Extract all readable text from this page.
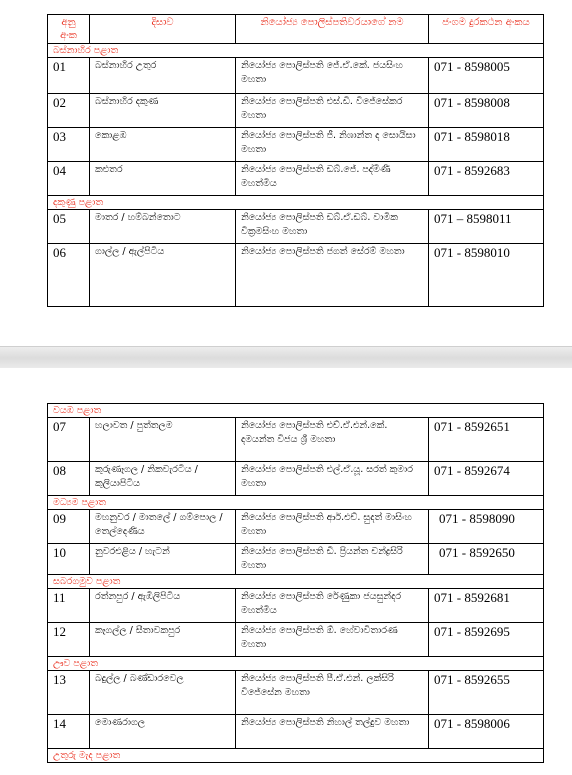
අනු අංක	දිසාව	නියෝජ්‍ය පොලිස්පතිවරයාගේ නම	ජංගම දුරකථන අංකය
බස්නාහිර පළාත			
01	බස්නාහිර උතුර	නියෝජ්‍ය පොලිස්පති ජේ.ඒ.කේ. ජයසිංහ මහතා	071 - 8598005
02	බස්නාහිර දකුණ	නියෝජ්‍ය පොලිස්පති එස්.ඩී. විජේසේකර මහතා	071 - 8598008
03	කොළඹ	නියෝජ්‍ය පොලිස්පති ජී. නිශාන්ත ද සොයිසා මහතා	071 - 8598018
04	කළුතර	නියෝජ්‍ය පොලිස්පති ඩබ්.ජේ. පද්මිණී මහත්මිය	071 - 8592683
දකුණු පළාත			
05	මාතර / හම්බන්තොට	නියෝජ්‍ය පොලිස්පති ඩබ්.ඒ.ඩබ්. වාමික වික්‍රමසිංහ මහතා	071 – 8598011
06	ගාල්ල / ඇල්පිටිය	නියෝජ්‍ය පොලිස්පති ජගත් සේරම් මහතා	071 - 8598010
වයඹ පළාත			
07	හලාවත / පුත්තලම	නියෝජ්‍ය පොලිස්පති එච්.ඒ.එන්.කේ. දමයන්ත විජය ශ්‍රී මහතා	071 - 8592651
08	කුරුණෑගල / නිකවැරටිය / කුලියාපිටිය	නියෝජ්‍ය පොලිස්පති එල්.ඒ.යූ. සරත් කුමාර මහතා	071 - 8592674
මධ්‍යම පළාත			
09	මහනුවර / මාතලේ / ගම්පොල / තෙල්දෙණිය	නියෝජ්‍ය පොලිස්පති ආර්.එච්. සුදත් මාසිංහ මහතා	071 - 8598090
10	නුවරඑළිය / හැටන්	නියෝජ්‍ය පොලිස්පති ඩී. ප්‍රියන්ත චන්ද්‍රසිරි මහතා	071 - 8592650
සබරගමුව පළාත			
11	රත්නපුර / ඇඹිලිපිටිය	නියෝජ්‍ය පොලිස්පති රේණුකා ජයසුන්දර මහත්මිය	071 - 8592681
12	කෑගල්ල / සීතාවකපුර	නියෝජ්‍ය පොලිස්පති ඕ. හේවාවිතාරණ මහතා	071 - 8592695
ඌව පළාත			
13	බදුල්ල / බණ්ඩාරවෙල	නියෝජ්‍ය පොලිස්පති පී.ඒ.එන්. ලක්සිරි විජේසේන මහතා	071 - 8592655
14	මොණරාගල	නියෝජ්‍ය පොලිස්පති නිහාල් තල්දුව මහතා	071 - 8598006
උතුරු මැද පළාත			
